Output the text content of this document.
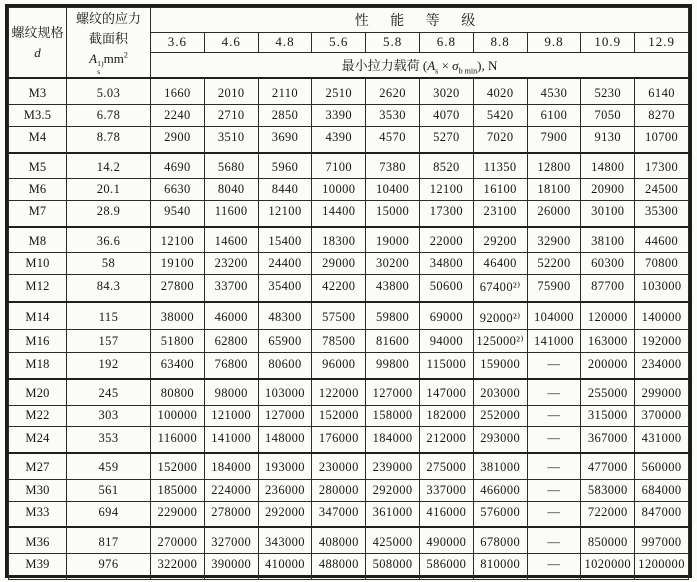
螺纹规格
d

螺纹的应力
截面积
A 1)
s
$mm^2$
	性 能 等 级
		3.6	4.6	4.8	5.6	5.8	6.8	8.8	9.8	10.9	12.9
		最小拉力载荷 $(A_s \times \sigma_{b min})$, N									
M3	5.03	1660	2010	2110	2510	2620	3020	4020	4530	5230	6140
M3.5	6.78	2240	2710	2850	3390	3530	4070	5420	6100	7050	8270
M4	8.78	2900	3510	3690	4390	4570	5270	7020	7900	9130	10700
M5	14.2	4690	5680	5960	7100	7380	8520	11350	12800	14800	17300
M6	20.1	6630	8040	8440	10000	10400	12100	16100	18100	20900	24500
M7	28.9	9540	11600	12100	14400	15000	17300	23100	26000	30100	35300
M8	36.6	12100	14600	15400	18300	19000	22000	29200	32900	38100	44600
M10	58	19100	23200	24400	29000	30200	34800	46400	52200	60300	70800
M12	84.3	27800	33700	35400	42200	43800	50600	67400²⁾	75900	87700	103000
M14	115	38000	46000	48300	57500	59800	69000	92000²⁾	104000	120000	140000
M16	157	51800	62800	65900	78500	81600	94000	125000²⁾	141000	163000	192000
M18	192	63400	76800	80600	96000	99800	115000	159000	—	200000	234000
M20	245	80800	98000	103000	122000	127000	147000	203000	—	255000	299000
M22	303	100000	121000	127000	152000	158000	182000	252000	—	315000	370000
M24	353	116000	141000	148000	176000	184000	212000	293000	—	367000	431000
M27	459	152000	184000	193000	230000	239000	275000	381000	—	477000	560000
M30	561	185000	224000	236000	280000	292000	337000	466000	—	583000	684000
M33	694	229000	278000	292000	347000	361000	416000	576000	—	722000	847000
M36	817	270000	327000	343000	408000	425000	490000	678000	—	850000	997000
M39	976	322000	390000	410000	488000	508000	586000	810000	—	1020000	1200000
